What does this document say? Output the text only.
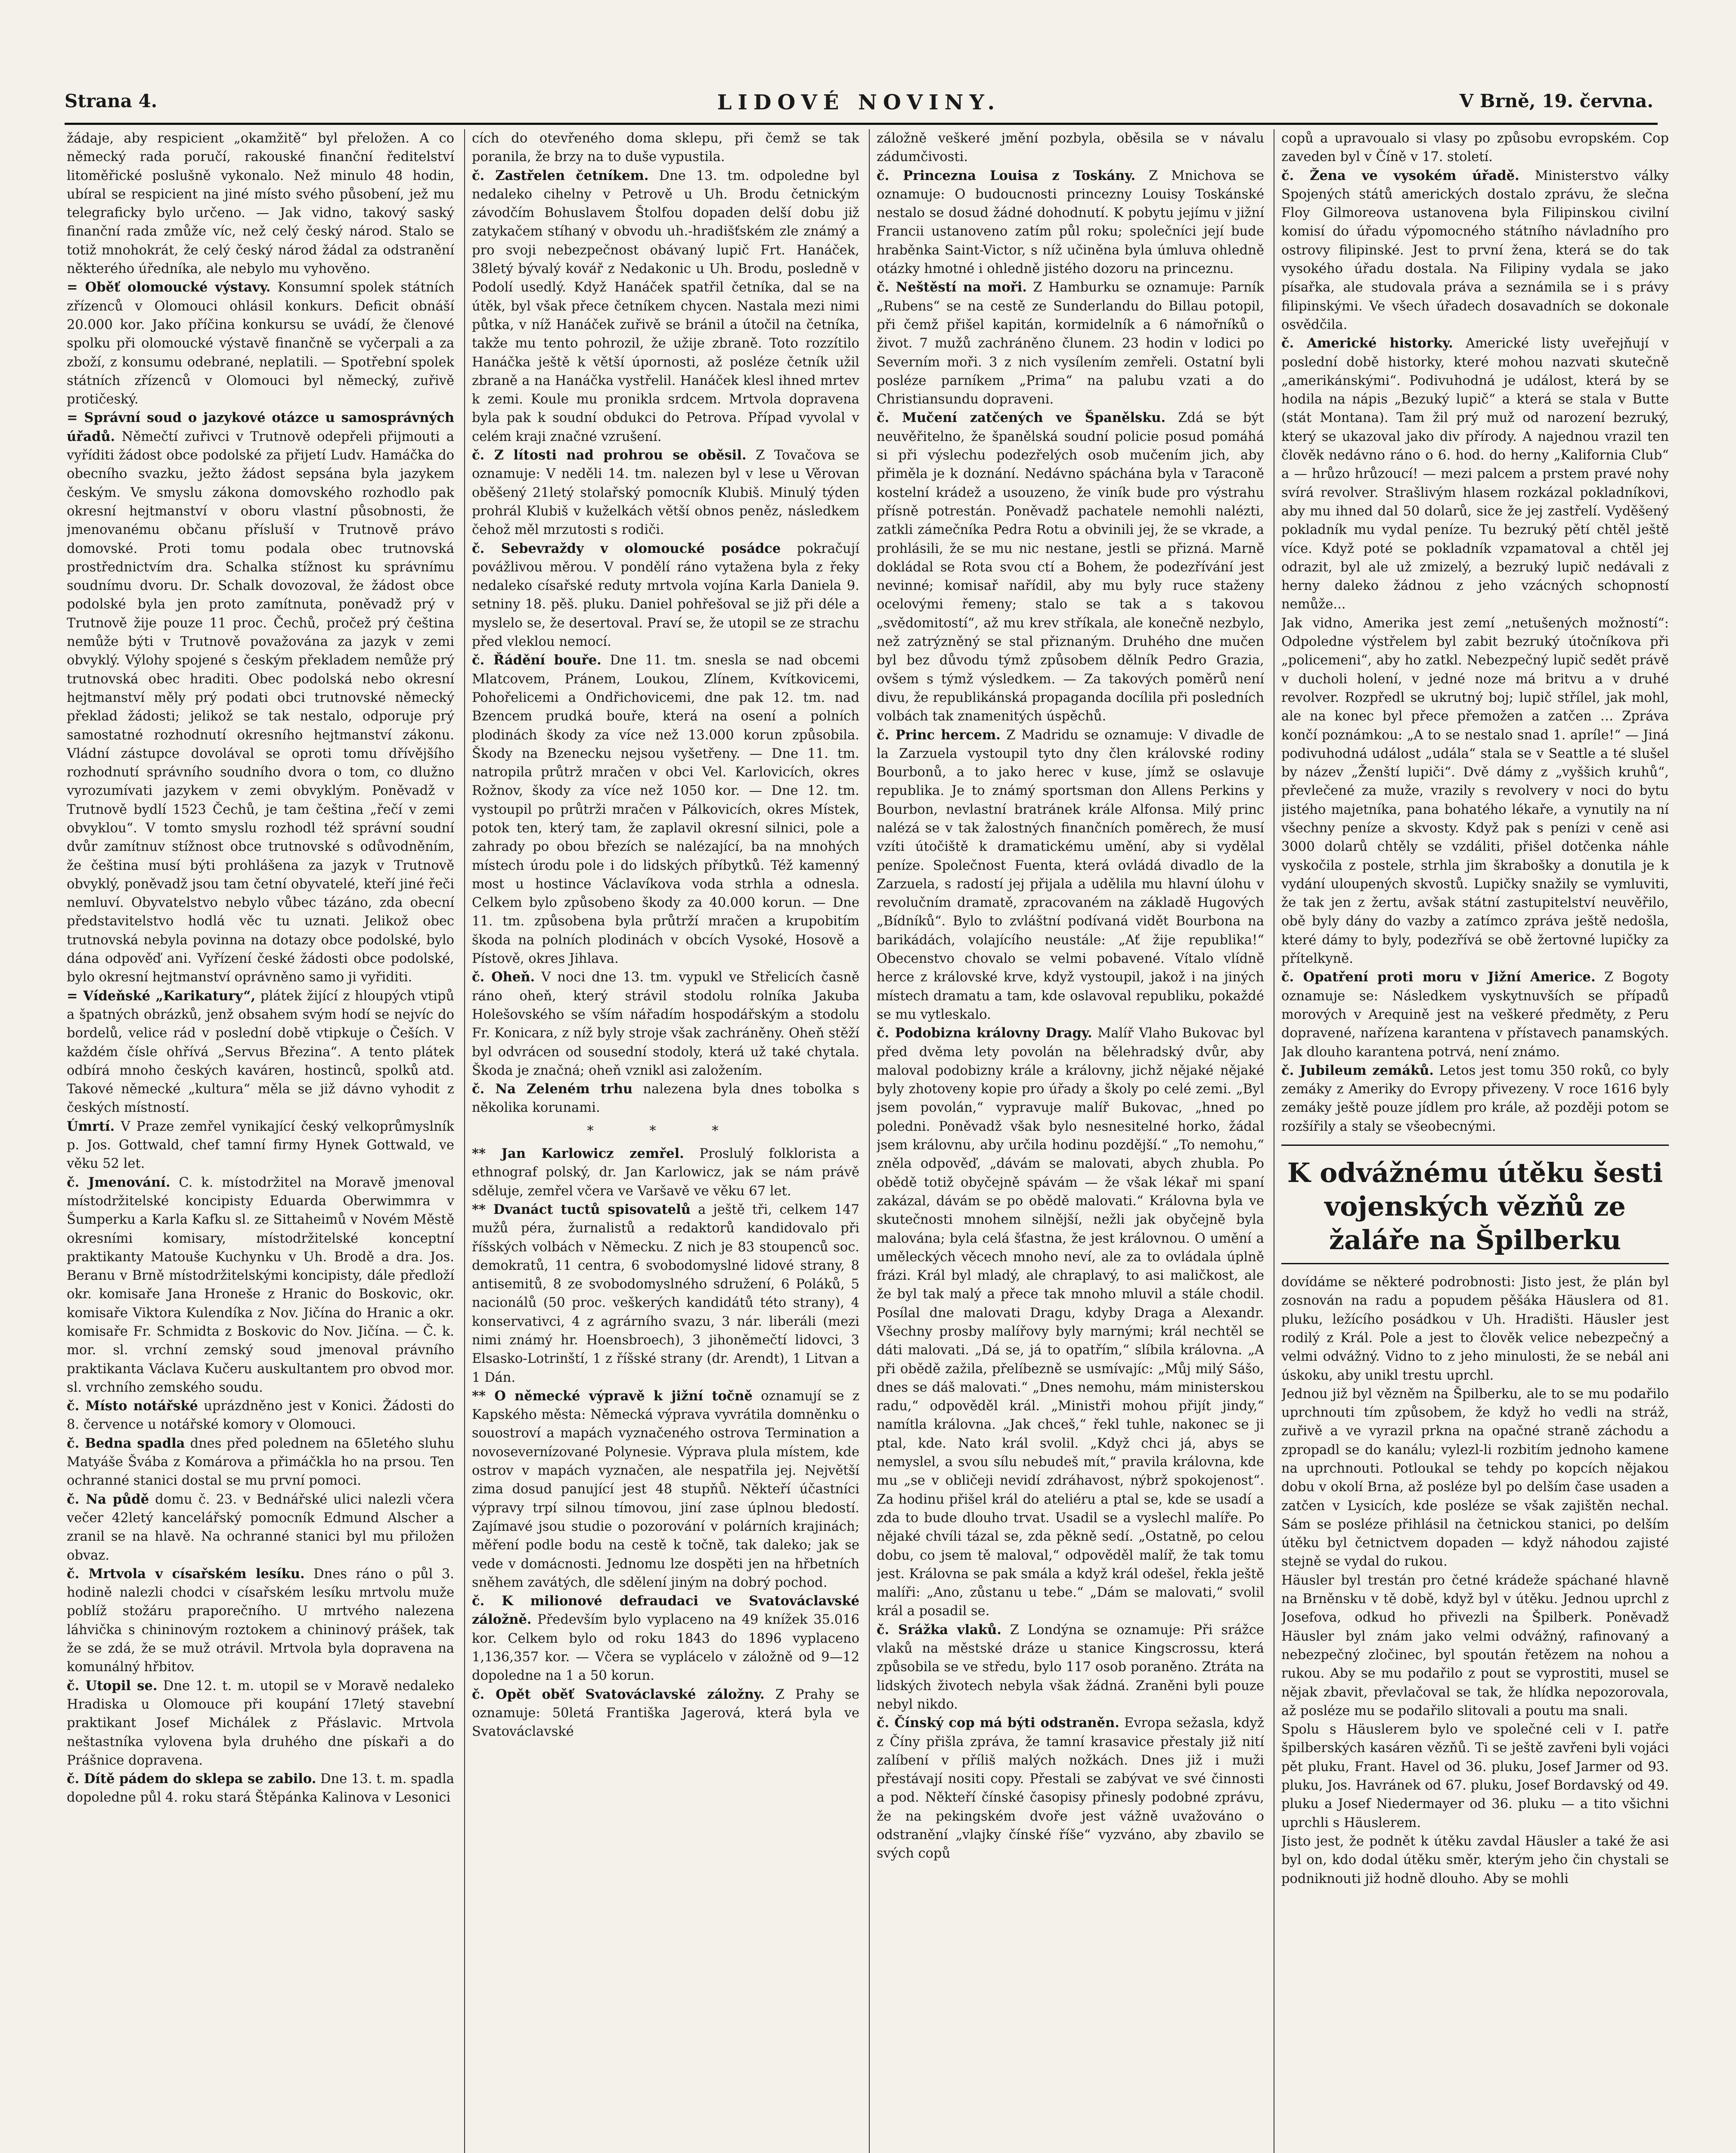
Strana 4.	LIDOVÉ NOVINY.	V Brně, 19. června.

žádaje, aby respicient „okamžitě“ byl přeložen. A co německý rada poručí, rakouské finanční ředitelství litoměřické poslušně vykonalo. Než minulo 48 hodin, ubíral se respicient na jiné místo svého působení, jež mu telegraficky bylo určeno. — Jak vidno, takový saský finanční rada zmůže víc, než celý český národ. Stalo se totiž mnohokrát, že celý český národ žádal za odstranění některého úředníka, ale nebylo mu vyhověno.

= Oběť olomoucké výstavy. Konsumní spolek státních zřízenců v Olomouci ohlásil konkurs. Deficit obnáší 20.000 kor. Jako příčina konkursu se uvádí, že členové spolku při olomoucké výstavě finančně se vyčerpali a za zboží, z konsumu odebrané, neplatili. — Spotřební spolek státních zřízenců v Olomouci byl německý, zuřivě protičeský.

= Správní soud o jazykové otázce u samosprávných úřadů. Němečtí zuřivci v Trutnově odepřeli přijmouti a vyříditi žádost obce podolské za přijetí Ludv. Hamáčka do obecního svazku, ježto žádost sepsána byla jazykem českým. Ve smyslu zákona domovského rozhodlo pak okresní hejtmanství v oboru vlastní působnosti, že jmenovanému občanu přísluší v Trutnově právo domovské. Proti tomu podala obec trutnovská prostřednictvím dra. Schalka stížnost ku správnímu soudnímu dvoru. Dr. Schalk dovozoval, že žádost obce podolské byla jen proto zamítnuta, poněvadž prý v Trutnově žije pouze 11 proc. Čechů, pročež prý čeština nemůže býti v Trutnově považována za jazyk v zemi obvyklý. Výlohy spojené s českým překladem nemůže prý trutnovská obec hraditi. Obec podolská nebo okresní hejtmanství měly prý podati obci trutnovské německý překlad žádosti; jelikož se tak nestalo, odporuje prý samostatné rozhodnutí okresního hejtmanství zákonu. Vládní zástupce dovolával se oproti tomu dřívějšího rozhodnutí správního soudního dvora o tom, co dlužno vyrozumívati jazykem v zemi obvyklým. Poněvadž v Trutnově bydlí 1523 Čechů, je tam čeština „řečí v zemi obvyklou“. V tomto smyslu rozhodl též správní soudní dvůr zamítnuv stížnost obce trutnovské s odůvodněním, že čeština musí býti prohlášena za jazyk v Trutnově obvyklý, poněvadž jsou tam četní obyvatelé, kteří jiné řeči nemluví. Obyvatelstvo nebylo vůbec tázáno, zda obecní představitelstvo hodlá věc tu uznati. Jelikož obec trutnovská nebyla povinna na dotazy obce podolské, bylo dána odpověď ani. Vyřízení české žádosti obce podolské, bylo okresní hejtmanství oprávněno samo ji vyřiditi.

= Vídeňské „Karikatury“, plátek žijící z hloupých vtipů a špatných obrázků, jenž obsahem svým hodí se nejvíc do bordelů, velice rád v poslední době vtipkuje o Češích. V každém čísle ohřívá „Servus Březina“. A tento plátek odbírá mnoho českých kaváren, hostinců, spolků atd. Takové německé „kultura“ měla se již dávno vyhodit z českých místností.

Úmrtí. V Praze zemřel vynikající český velkoprůmyslník p. Jos. Gottwald, chef tamní firmy Hynek Gottwald, ve věku 52 let.

č. Jmenování. C. k. místodržitel na Moravě jmenoval místodržitelské koncipisty Eduarda Oberwimmra v Šumperku a Karla Kafku sl. ze Sittaheimů v Novém Městě okresními komisary, místodržitelské konceptní praktikanty Matouše Kuchynku v Uh. Brodě a dra. Jos. Beranu v Brně místodržitelskými koncipisty, dále předloží okr. komisaře Jana Hroneše z Hranic do Boskovic, okr. komisaře Viktora Kulendíka z Nov. Jičína do Hranic a okr. komisaře Fr. Schmidta z Boskovic do Nov. Jičína. — Č. k. mor. sl. vrchní zemský soud jmenoval právního praktikanta Václava Kučeru auskultantem pro obvod mor. sl. vrchního zemského soudu.

č. Místo notářské uprázdněno jest v Konici. Žádosti do 8. července u notářské komory v Olomouci.

č. Bedna spadla dnes před polednem na 65letého sluhu Matyáše Švába z Komárova a přimáčkla ho na prsou. Ten ochranné stanici dostal se mu první pomoci.

č. Na půdě domu č. 23. v Bednářské ulici nalezli včera večer 42letý kancelářský pomocník Edmund Alscher a zranil se na hlavě. Na ochranné stanici byl mu přiložen obvaz.

č. Mrtvola v císařském lesíku. Dnes ráno o půl 3. hodině nalezli chodci v císařském lesíku mrtvolu muže poblíž stožáru praporečního. U mrtvého nalezena láhvička s chininovým roztokem a chininový prášek, tak že se zdá, že se muž otrávil. Mrtvola byla dopravena na komunálný hřbitov.

č. Utopil se. Dne 12. t. m. utopil se v Moravě nedaleko Hradiska u Olomouce při koupání 17letý stavební praktikant Josef Michálek z Přáslavic. Mrtvola neštastníka vylovena byla druhého dne pískaři a do Prášnice dopravena.

č. Dítě pádem do sklepa se zabilo. Dne 13. t. m. spadla dopoledne půl 4. roku stará Štěpánka Kalinova v Lesonici

cích do otevřeného doma sklepu, při čemž se tak poranila, že brzy na to duše vypustila.

č. Zastřelen četníkem. Dne 13. tm. odpoledne byl nedaleko cihelny v Petrově u Uh. Brodu četnickým závodčím Bohuslavem Štolfou dopaden delší dobu již zatykačem stíhaný v obvodu uh.-hradišťském zle známý a pro svoji nebezpečnost obávaný lupič Frt. Hanáček, 38letý bývalý kovář z Nedakonic u Uh. Brodu, posledně v Podolí usedlý. Když Hanáček spatřil četníka, dal se na útěk, byl však přece četníkem chycen. Nastala mezi nimi půtka, v níž Hanáček zuřivě se bránil a útočil na četníka, takže mu tento pohrozil, že užije zbraně. Toto rozzítilo Hanáčka ještě k větší úpornosti, až posléze četník užil zbraně a na Hanáčka vystřelil. Hanáček klesl ihned mrtev k zemi. Koule mu pronikla srdcem. Mrtvola dopravena byla pak k soudní obdukci do Petrova. Případ vyvolal v celém kraji značné vzrušení.

č. Z lítosti nad prohrou se oběsil. Z Tovačova se oznamuje: V neděli 14. tm. nalezen byl v lese u Věrovan oběšený 21letý stolařský pomocník Klubiš. Minulý týden prohrál Klubiš v kuželkách větší obnos peněz, následkem čehož měl mrzutosti s rodiči.

č. Sebevraždy v olomoucké posádce pokračují povážlivou měrou. V pondělí ráno vytažena byla z řeky nedaleko císařské reduty mrtvola vojína Karla Daniela 9. setniny 18. pěš. pluku. Daniel pohřešoval se již při déle a myslelo se, že desertoval. Praví se, že utopil se ze strachu před vleklou nemocí.

č. Řádění bouře. Dne 11. tm. snesla se nad obcemi Mlatcovem, Pránem, Loukou, Zlínem, Kvítkovicemi, Pohořelicemi a Ondřichovicemi, dne pak 12. tm. nad Bzencem prudká bouře, která na osení a polních plodinách škody za více než 13.000 korun způsobila. Škody na Bzenecku nejsou vyšetřeny. — Dne 11. tm. natropila průtrž mračen v obci Vel. Karlovicích, okres Rožnov, škody za více než 1050 kor. — Dne 12. tm. vystoupil po průtrži mračen v Pálkovicích, okres Místek, potok ten, který tam, že zaplavil okresní silnici, pole a zahrady po obou březích se nalézající, ba na mnohých místech úrodu pole i do lidských příbytků. Též kamenný most u hostince Václavíkova voda strhla a odnesla. Celkem bylo způsobeno škody za 40.000 korun. — Dne 11. tm. způsobena byla průtrží mračen a krupobitím škoda na polních plodinách v obcích Vysoké, Hosově a Pístově, okres Jihlava.

č. Oheň. V noci dne 13. tm. vypukl ve Střelicích časně ráno oheň, který strávil stodolu rolníka Jakuba Holešovského se vším nářadím hospodářským a stodolu Fr. Konicara, z níž byly stroje však zachráněny. Oheň stěží byl odvrácen od sousední stodoly, která už také chytala. Škoda je značná; oheň vznikl asi založením.

č. Na Zeleném trhu nalezena byla dnes tobolka s několika korunami.

* * *

** Jan Karlowicz zemřel. Proslulý folklorista a ethnograf polský, dr. Jan Karlowicz, jak se nám právě sděluje, zemřel včera ve Varšavě ve věku 67 let.

** Dvanáct tuctů spisovatelů a ještě tři, celkem 147 mužů péra, žurnalistů a redaktorů kandidovalo při říšských volbách v Německu. Z nich je 83 stoupenců soc. demokratů, 11 centra, 6 svobodomyslné lidové strany, 8 antisemitů, 8 ze svobodomyslného sdružení, 6 Poláků, 5 nacionálů (50 proc. veškerých kandidátů této strany), 4 konservativci, 4 z agrárního svazu, 3 nár. liberáli (mezi nimi známý hr. Hoensbroech), 3 jihoněmečtí lidovci, 3 Elsasko-Lotrinští, 1 z říšské strany (dr. Arendt), 1 Litvan a 1 Dán.

** O německé výpravě k jižní točně oznamují se z Kapského města: Německá výprava vyvrátila domněnku o souostroví a mapách vyznačeného ostrova Termination a novosevernízované Polynesie. Výprava plula místem, kde ostrov v mapách vyznačen, ale nespatřila jej. Největší zima dosud panující jest 48 stupňů. Někteří účastníci výpravy trpí silnou tímovou, jiní zase úplnou bledostí. Zajímavé jsou studie o pozorování v polárních krajinách; měření podle bodu na cestě k točně, tak daleko; jak se vede v domácnosti. Jednomu lze dospěti jen na hřbetních sněhem zavátých, dle sdělení jiným na dobrý pochod.

č. K milionové defraudaci ve Svatováclavské záložně. Především bylo vyplaceno na 49 knížek 35.016 kor. Celkem bylo od roku 1843 do 1896 vyplaceno 1,136,357 kor. — Včera se vyplácelo v záložně od 9—12 dopoledne na 1 a 50 korun.

č. Opět oběť Svatováclavské záložny. Z Prahy se oznamuje: 50letá Františka Jagerová, která byla ve Svatováclavské

záložně veškeré jmění pozbyla, oběsila se v návalu zádumčivosti.

č. Princezna Louisa z Toskány. Z Mnichova se oznamuje: O budoucnosti princezny Louisy Toskánské nestalo se dosud žádné dohodnutí. K pobytu jejímu v jižní Francii ustanoveno zatím půl roku; společníci její bude hraběnka Saint-Victor, s níž učiněna byla úmluva ohledně otázky hmotné i ohledně jistého dozoru na princeznu.

č. Neštěstí na moři. Z Hamburku se oznamuje: Parník „Rubens“ se na cestě ze Sunderlandu do Billau potopil, při čemž přišel kapitán, kormidelník a 6 námořníků o život. 7 mužů zachráněno člunem. 23 hodin v lodici po Severním moři. 3 z nich vysílením zemřeli. Ostatní byli posléze parníkem „Prima“ na palubu vzati a do Christiansundu dopraveni.

č. Mučení zatčených ve Španělsku. Zdá se být neuvěřitelno, že španělská soudní policie posud pomáhá si při výslechu podezřelých osob mučením jich, aby přiměla je k doznání. Nedávno spáchána byla v Taraconě kostelní krádež a usouzeno, že viník bude pro výstrahu přísně potrestán. Poněvadž pachatele nemohli nalézti, zatkli zámečníka Pedra Rotu a obvinili jej, že se vkrade, a prohlásili, že se mu nic nestane, jestli se přizná. Marně dokládal se Rota svou ctí a Bohem, že podezřívání jest nevinné; komisař nařídil, aby mu byly ruce staženy ocelovými řemeny; stalo se tak a s takovou „svědomitostí“, až mu krev stříkala, ale konečně nezbylo, než zatrýzněný se stal přiznaným. Druhého dne mučen byl bez důvodu týmž způsobem dělník Pedro Grazia, ovšem s týmž výsledkem. — Za takových poměrů není divu, že republikánská propaganda docílila při posledních volbách tak znamenitých úspěchů.

č. Princ hercem. Z Madridu se oznamuje: V divadle de la Zarzuela vystoupil tyto dny člen královské rodiny Bourbonů, a to jako herec v kuse, jímž se oslavuje republika. Je to známý sportsman don Allens Perkins y Bourbon, nevlastní bratránek krále Alfonsa. Milý princ nalézá se v tak žalostných finančních poměrech, že musí vzíti útočiště k dramatickému umění, aby si vydělal peníze. Společnost Fuenta, která ovládá divadlo de la Zarzuela, s radostí jej přijala a udělila mu hlavní úlohu v revolučním dramatě, zpracovaném na základě Hugových „Bídníků“. Bylo to zvláštní podívaná vidět Bourbona na barikádách, volajícího neustále: „Ať žije republika!“ Obecenstvo chovalo se velmi pobavené. Vítalo vlídně herce z královské krve, když vystoupil, jakož i na jiných místech dramatu a tam, kde oslavoval republiku, pokaždé se mu vytleskalo.

č. Podobizna královny Dragy. Malíř Vlaho Bukovac byl před dvěma lety povolán na bělehradský dvůr, aby maloval podobizny krále a královny, jichž nějaké nějaké byly zhotoveny kopie pro úřady a školy po celé zemi. „Byl jsem povolán,“ vypravuje malíř Bukovac, „hned po poledni. Poněvadž však bylo nesnesitelné horko, žádal jsem královnu, aby určila hodinu pozdější.“ „To nemohu,“ zněla odpověď, „dávám se malovati, abych zhubla. Po obědě totiž obyčejně spávám — že však lékař mi spaní zakázal, dávám se po obědě malovati.“ Královna byla ve skutečnosti mnohem silnější, nežli jak obyčejně byla malována; byla celá šťastna, že jest královnou. O umění a uměleckých věcech mnoho neví, ale za to ovládala úplně frázi. Král byl mladý, ale chraplavý, to asi maličkost, ale že byl tak malý a přece tak mnoho mluvil a stále chodil. Posílal dne malovati Dragu, kdyby Draga a Alexandr. Všechny prosby malířovy byly marnými; král nechtěl se dáti malovati. „Dá se, já to opatřím,“ slíbila královna. „A při obědě zažila, přelíbezně se usmívajíc: „Můj milý Sášo, dnes se dáš malovati.“ „Dnes nemohu, mám ministerskou radu,“ odpověděl král. „Ministři mohou přijít jindy,“ namítla královna. „Jak chceš,“ řekl tuhle, nakonec se ji ptal, kde. Nato král svolil. „Když chci já, abys se nemyslel, a svou sílu nebudeš mít,“ pravila královna, kde mu „se v obličeji nevidí zdráhavost, nýbrž spokojenost“. Za hodinu přišel král do ateliéru a ptal se, kde se usadí a zda to bude dlouho trvat. Usadil se a vyslechl malíře. Po nějaké chvíli tázal se, zda pěkně sedí. „Ostatně, po celou dobu, co jsem tě maloval,“ odpověděl malíř, že tak tomu jest. Královna se pak smála a když král odešel, řekla ještě malíři: „Ano, zůstanu u tebe.“ „Dám se malovati,“ svolil král a posadil se.

č. Srážka vlaků. Z Londýna se oznamuje: Při srážce vlaků na městské dráze u stanice Kingscrossu, která způsobila se ve středu, bylo 117 osob poraněno. Ztráta na lidských životech nebyla však žádná. Zraněni byli pouze nebyl nikdo.

č. Čínský cop má býti odstraněn. Evropa sežasla, když z Číny přišla zpráva, že tamní krasavice přestaly již nití zalíbení v příliš malých nožkách. Dnes již i muži přestávají nositi copy. Přestali se zabývat ve své činnosti a pod. Někteří čínské časopisy přinesly podobné zprávu, že na pekingském dvoře jest vážně uvažováno o odstranění „vlajky čínské říše“ vyzváno, aby zbavilo se svých copů

copů a upravoualo si vlasy po způsobu evropském. Cop zaveden byl v Číně v 17. století.

č. Žena ve vysokém úřadě. Ministerstvo války Spojených států amerických dostalo zprávu, že slečna Floy Gilmoreova ustanovena byla Filipinskou civilní komisí do úřadu výpomocného státního návladního pro ostrovy filipinské. Jest to první žena, která se do tak vysokého úřadu dostala. Na Filipiny vydala se jako písařka, ale studovala práva a seznámila se i s právy filipinskými. Ve všech úřadech dosavadních se dokonale osvědčila.

č. Americké historky. Americké listy uveřejňují v poslední době historky, které mohou nazvati skutečně „amerikánskými“. Podivuhodná je událost, která by se hodila na nápis „Bezuký lupič“ a která se stala v Butte (stát Montana). Tam žil prý muž od narození bezruký, který se ukazoval jako div přírody. A najednou vrazil ten člověk nedávno ráno o 6. hod. do herny „Kalifornia Club“ a — hrůzo hrůzoucí! — mezi palcem a prstem pravé nohy svírá revolver. Strašlivým hlasem rozkázal pokladníkovi, aby mu ihned dal 50 dolarů, sice že jej zastřelí. Vyděšený pokladník mu vydal peníze. Tu bezruký pětí chtěl ještě více. Když poté se pokladník vzpamatoval a chtěl jej odrazit, byl ale už zmizelý, a bezruký lupič nedávali z herny daleko žádnou z jeho vzácných schopností nemůže...

Jak vidno, Amerika jest zemí „netušených možností“: Odpoledne výstřelem byl zabit bezruký útočníkova při „policemeni“, aby ho zatkl. Nebezpečný lupič sedět právě v ducholi holení, v jedné noze má britvu a v druhé revolver. Rozpředl se ukrutný boj; lupič střílel, jak mohl, ale na konec byl přece přemožen a zatčen … Zpráva končí poznámkou: „A to se nestalo snad 1. apríle!“ — Jiná podivuhodná událost „udála“ stala se v Seattle a té slušel by název „Ženští lupiči“. Dvě dámy z „vyššich kruhů“, převlečené za muže, vrazily s revolvery v noci do bytu jistého majetníka, pana bohatého lékaře, a vynutily na ní všechny peníze a skvosty. Když pak s penízi v ceně asi 3000 dolarů chtěly se vzdáliti, přišel dotčenka náhle vyskočila z postele, strhla jim škrabošky a donutila je k vydání uloupených skvostů. Lupičky snažily se vymluviti, že tak jen z žertu, avšak státní zastupitelství neuvěřilo, obě byly dány do vazby a zatímco zpráva ještě nedošla, které dámy to byly, podezřívá se obě žertovné lupičky za přítelkyně.

č. Opatření proti moru v Jižní Americe. Z Bogoty oznamuje se: Následkem vyskytnuvších se případů morových v Arequině jest na veškeré předměty, z Peru dopravené, nařízena karantena v přístavech panamských. Jak dlouho karantena potrvá, není známo.

č. Jubileum zemáků. Letos jest tomu 350 roků, co byly zemáky z Ameriky do Evropy přivezeny. V roce 1616 byly zemáky ještě pouze jídlem pro krále, až později potom se rozšířily a staly se všeobecnými.

K odvážnému útěku šesti vojenských vězňů ze žaláře na Špilberku

dovídáme se některé podrobnosti: Jisto jest, že plán byl zosnován na radu a popudem pěšáka Häuslera od 81. pluku, ležícího posádkou v Uh. Hradišti. Häusler jest rodilý z Král. Pole a jest to člověk velice nebezpečný a velmi odvážný. Vidno to z jeho minulosti, že se nebál ani úskoku, aby unikl trestu uprchl.

Jednou již byl vězněm na Špilberku, ale to se mu podařilo uprchnouti tím způsobem, že když ho vedli na stráž, zuřivě a ve vyrazil prkna na opačné straně záchodu a zpropadl se do kanálu; vylezl-li rozbitím jednoho kamene na uprchnouti. Potloukal se tehdy po kopcích nějakou dobu v okolí Brna, až posléze byl po delším čase usaden a zatčen v Lysicích, kde posléze se však zajištěn nechal. Sám se posléze přihlásil na četnickou stanici, po delším útěku byl četnictvem dopaden — když náhodou zajisté stejně se vydal do rukou.

Häusler byl trestán pro četné krádeže spáchané hlavně na Brněnsku v tě době, když byl v útěku. Jednou uprchl z Josefova, odkud ho přivezli na Špilberk. Poněvadž Häusler byl znám jako velmi odvážný, rafinovaný a nebezpečný zločinec, byl spoután řetězem na nohou a rukou. Aby se mu podařilo z pout se vyprostiti, musel se nějak zbavit, převlačoval se tak, že hlídka nepozorovala, až posléze mu se podařilo slitovali a poutu ma snali.

Spolu s Häuslerem bylo ve společné celi v I. patře špilberských kasáren vězňů. Ti se ještě zavřeni byli vojáci pět pluku, Frant. Havel od 36. pluku, Josef Jarmer od 93. pluku, Jos. Havránek od 67. pluku, Josef Bordavský od 49. pluku a Josef Niedermayer od 36. pluku — a tito všichni uprchli s Häuslerem.

Jisto jest, že podnět k útěku zavdal Häusler a také že asi byl on, kdo dodal útěku směr, kterým jeho čin chystali se podniknouti již hodně dlouho. Aby se mohli
